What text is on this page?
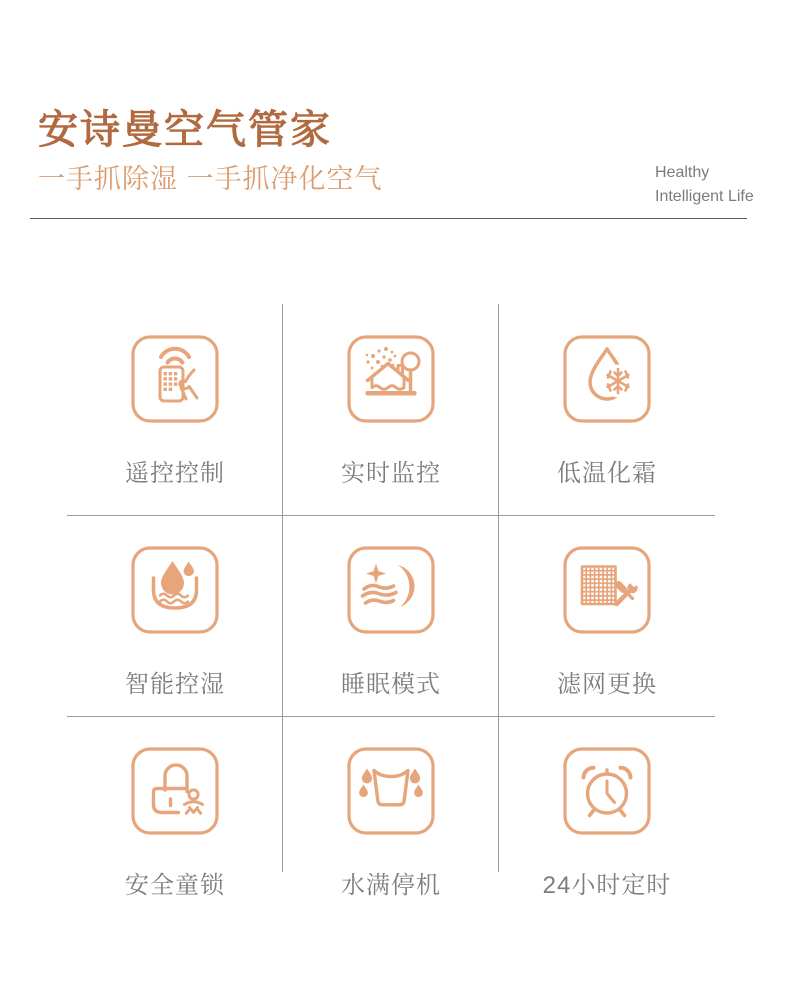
安诗曼空气管家
一手抓除湿 一手抓净化空气	Healthy
Intelligent Life
遥控控制	实时监控	低温化霜
智能控湿	睡眠模式	滤网更换
安全童锁	水满停机	24小时定时
